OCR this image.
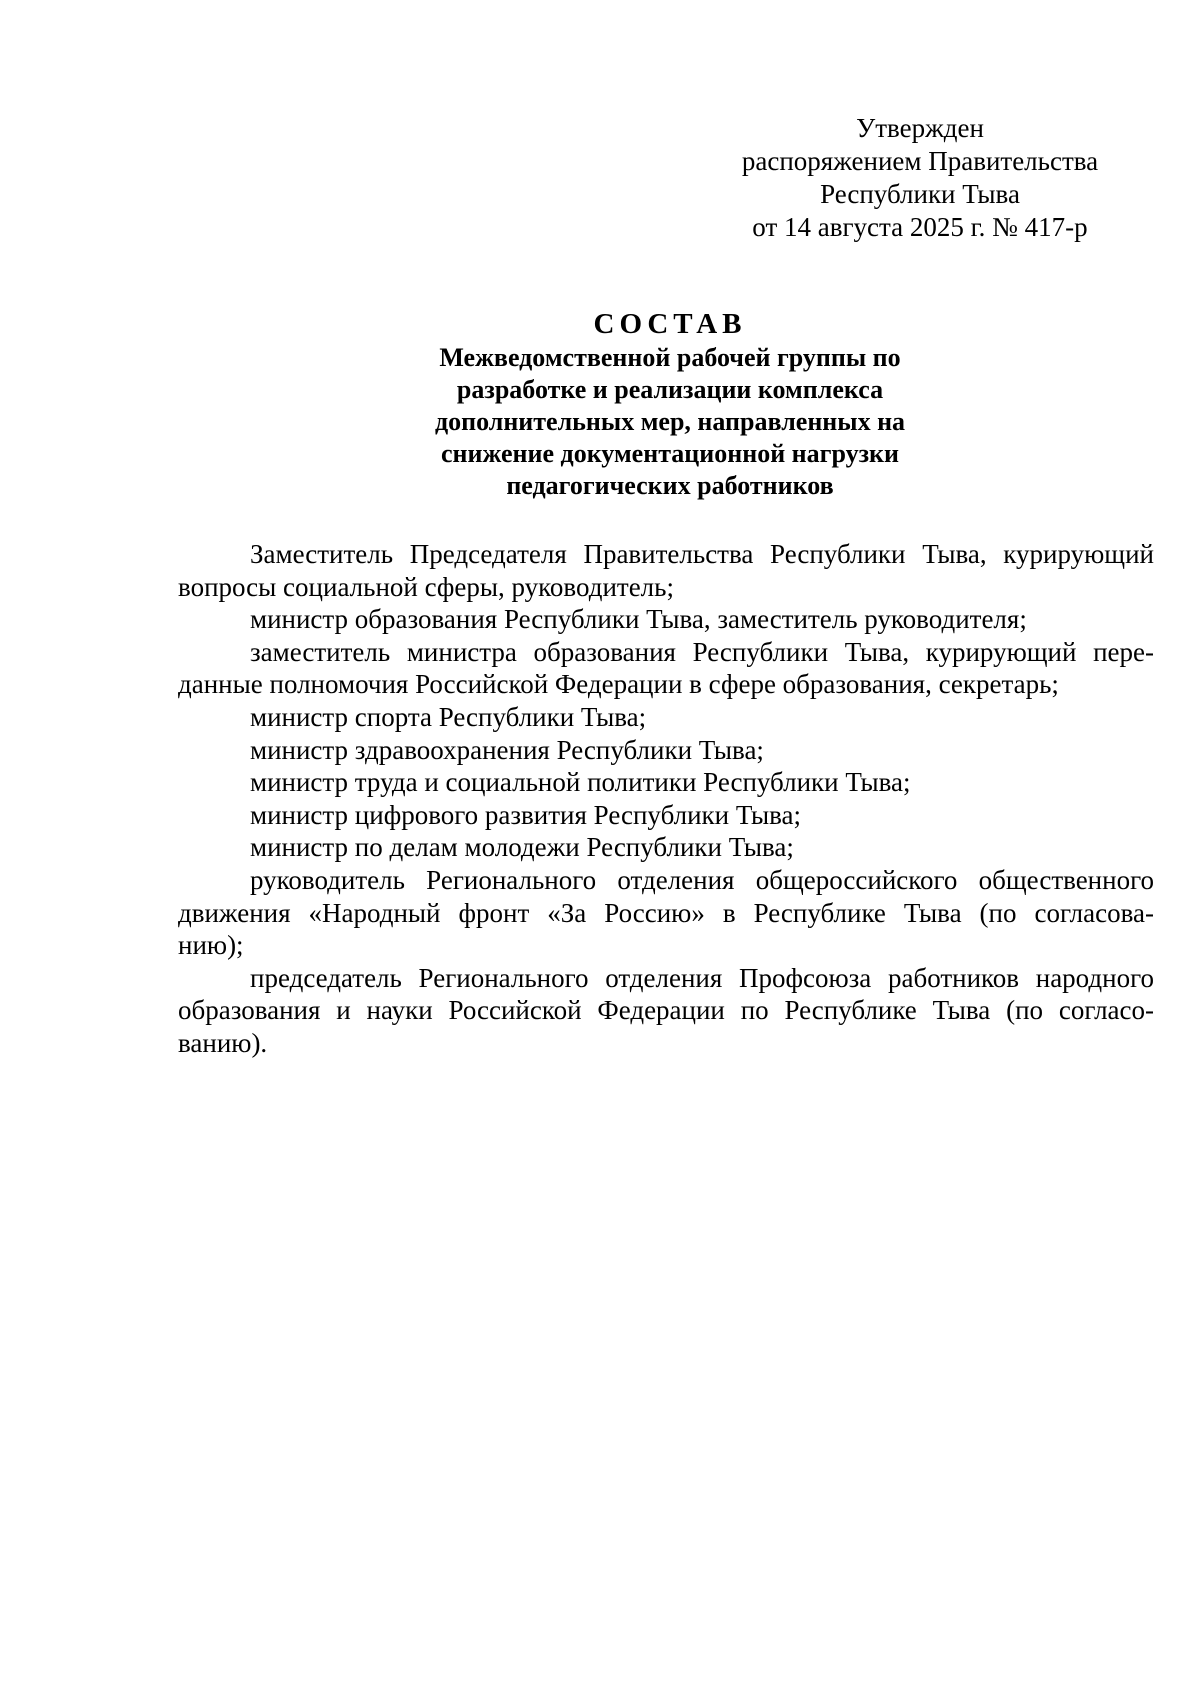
Утвержден
распоряжением Правительства
Республики Тыва
от 14 августа 2025 г. № 417-р
СОСТАВ
Межведомственной рабочей группы по
разработке и реализации комплекса
дополнительных мер, направленных на
снижение документационной нагрузки
педагогических работников
Заместитель Председателя Правительства Республики Тыва, курирующий
вопросы социальной сферы, руководитель;
министр образования Республики Тыва, заместитель руководителя;
заместитель министра образования Республики Тыва, курирующий пере-
данные полномочия Российской Федерации в сфере образования, секретарь;
министр спорта Республики Тыва;
министр здравоохранения Республики Тыва;
министр труда и социальной политики Республики Тыва;
министр цифрового развития Республики Тыва;
министр по делам молодежи Республики Тыва;
руководитель Регионального отделения общероссийского общественного
движения «Народный фронт «За Россию» в Республике Тыва (по согласова-
нию);
председатель Регионального отделения Профсоюза работников народного
образования и науки Российской Федерации по Республике Тыва (по согласо-
ванию).
